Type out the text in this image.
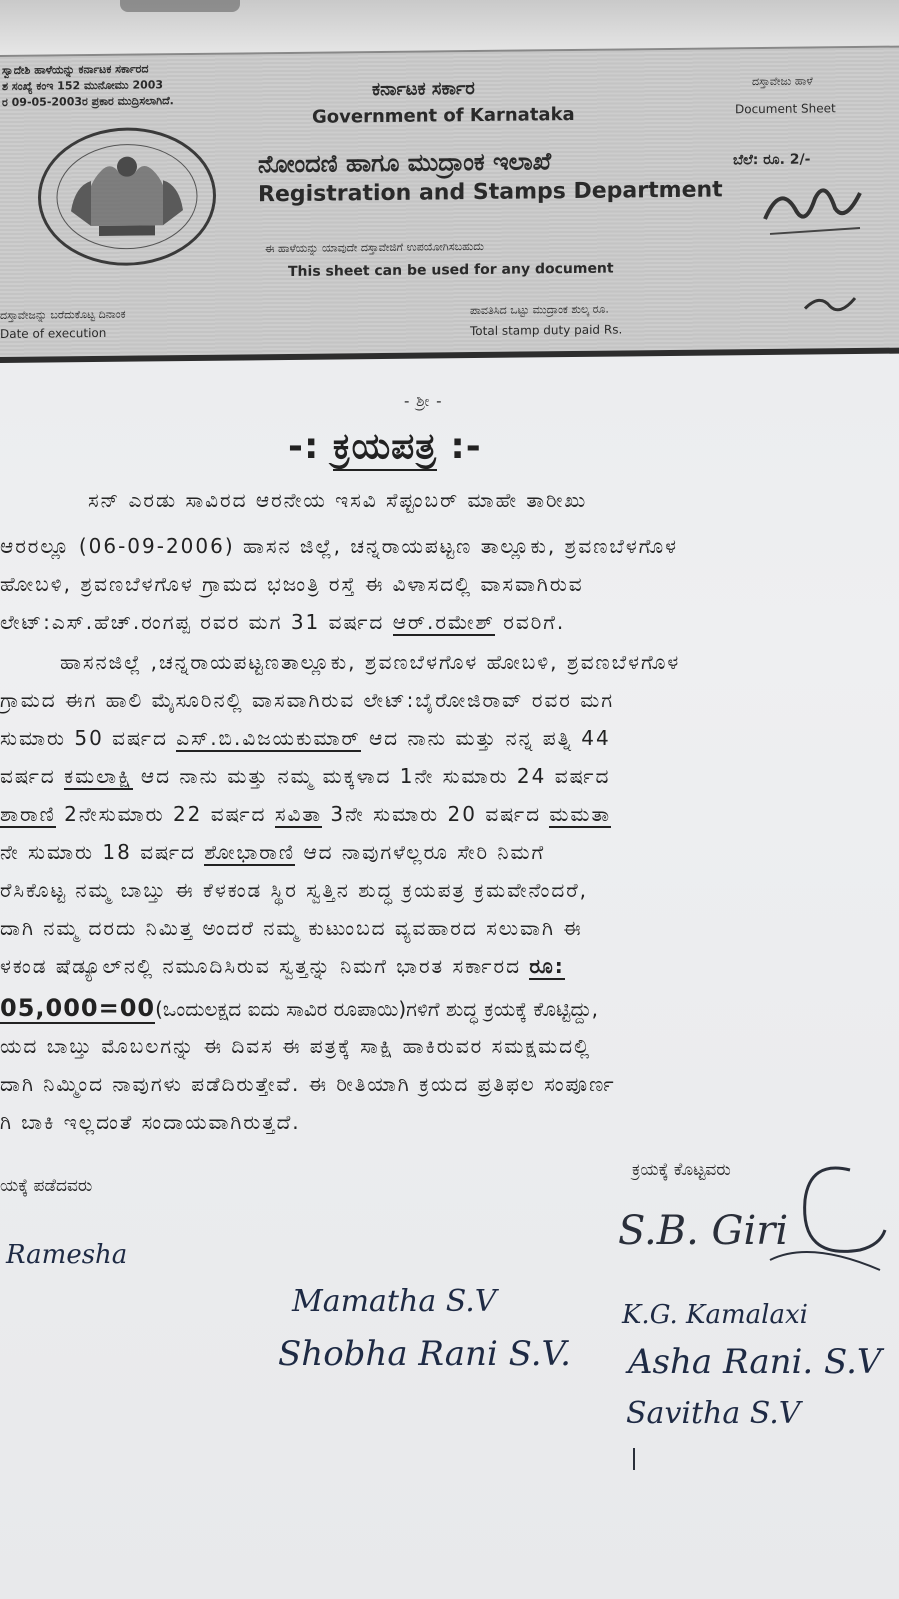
ಸ್ವಾದೇಶಿ ಹಾಳೆಯನ್ನು ಕರ್ನಾಟಕ ಸರ್ಕಾರದ
ಶ ಸಂಖ್ಯೆ ಕಂಇ 152 ಮುನೋಮು 2003
ರ 09-05-2003ರ ಪ್ರಕಾರ ಮುದ್ರಿಸಲಾಗಿದೆ.
ಕರ್ನಾಟಕ ಸರ್ಕಾರ
Government of Karnataka
ದಸ್ತಾವೇಜು ಹಾಳೆ
Document Sheet
ನೋಂದಣಿ ಹಾಗೂ ಮುದ್ರಾಂಕ ಇಲಾಖೆ
Registration and Stamps Department
ಬೆಲೆ: ರೂ. 2/-
ಈ ಹಾಳೆಯನ್ನು ಯಾವುದೇ ದಸ್ತಾವೇಜಿಗೆ ಉಪಯೋಗಿಸಬಹುದು
This sheet can be used for any document
ದಸ್ತಾವೇಜನ್ನು ಬರೆದುಕೊಟ್ಟ ದಿನಾಂಕ
Date of execution
ಪಾವತಿಸಿದ ಒಟ್ಟು ಮುದ್ರಾಂಕ ಶುಲ್ಕ ರೂ.
Total stamp duty paid Rs.
- ಶ್ರೀ -
-: ಕ್ರಯಪತ್ರ :-
ಸನ್ ಎರಡು ಸಾವಿರದ ಆರನೇಯ ಇಸವಿ ಸೆಪ್ಟಂಬರ್ ಮಾಹೇ ತಾರೀಖು
ಆರರಲ್ಲೂ (06-09-2006) ಹಾಸನ ಜಿಲ್ಲೆ, ಚನ್ನರಾಯಪಟ್ಟಣ ತಾಲ್ಲೂಕು, ಶ್ರವಣಬೆಳಗೊಳ
ಹೋಬಳಿ, ಶ್ರವಣಬೆಳಗೊಳ ಗ್ರಾಮದ ಭಜಂತ್ರಿ ರಸ್ತೆ ಈ ವಿಳಾಸದಲ್ಲಿ ವಾಸವಾಗಿರುವ
ಲೇಟ್:ಎಸ್.ಹೆಚ್.ರಂಗಪ್ಪ ರವರ ಮಗ 31 ವರ್ಷದ ಆರ್.ರಮೇಶ್ ರವರಿಗೆ.
ಹಾಸನಜಿಲ್ಲೆ ,ಚನ್ನರಾಯಪಟ್ಟಣತಾಲ್ಲೂಕು, ಶ್ರವಣಬೆಳಗೊಳ ಹೋಬಳಿ, ಶ್ರವಣಬೆಳಗೊಳ
ಗ್ರಾಮದ ಈಗ ಹಾಲಿ ಮೈಸೂರಿನಲ್ಲಿ ವಾಸವಾಗಿರುವ ಲೇಟ್:ಬೈರೋಜಿರಾವ್ ರವರ ಮಗ
ಸುಮಾರು 50 ವರ್ಷದ ಎಸ್.ಬಿ.ವಿಜಯಕುಮಾರ್ ಆದ ನಾನು ಮತ್ತು ನನ್ನ ಪತ್ನಿ 44
ವರ್ಷದ ಕಮಲಾಕ್ಷಿ ಆದ ನಾನು ಮತ್ತು ನಮ್ಮ ಮಕ್ಕಳಾದ 1ನೇ ಸುಮಾರು 24 ವರ್ಷದ
ಶಾರಾಣಿ 2ನೇಸುಮಾರು 22 ವರ್ಷದ ಸವಿತಾ 3ನೇ ಸುಮಾರು 20 ವರ್ಷದ ಮಮತಾ
ನೇ ಸುಮಾರು 18 ವರ್ಷದ ಶೋಭಾರಾಣಿ ಆದ ನಾವುಗಳೆಲ್ಲರೂ ಸೇರಿ ನಿಮಗೆ
ರೆಸಿಕೊಟ್ಟ ನಮ್ಮ ಬಾಬ್ತು ಈ ಕೆಳಕಂಡ ಸ್ಥಿರ ಸ್ವತ್ತಿನ ಶುದ್ಧ ಕ್ರಯಪತ್ರ ಕ್ರಮವೇನೆಂದರೆ,
ದಾಗಿ ನಮ್ಮ ದರದು ನಿಮಿತ್ತ ಅಂದರೆ ನಮ್ಮ ಕುಟುಂಬದ ವ್ಯವಹಾರದ ಸಲುವಾಗಿ ಈ
ಳಕಂಡ ಷೆಡ್ಯೂಲ್‌ನಲ್ಲಿ ನಮೂದಿಸಿರುವ ಸ್ವತ್ತನ್ನು ನಿಮಗೆ ಭಾರತ ಸರ್ಕಾರದ ರೂ:
05,000=00(ಒಂದುಲಕ್ಷದ ಐದು ಸಾವಿರ ರೂಪಾಯಿ)ಗಳಿಗೆ ಶುದ್ಧ ಕ್ರಯಕ್ಕೆ ಕೊಟ್ಟಿದ್ದು,
ಯದ ಬಾಬ್ತು ಮೊಬಲಗನ್ನು ಈ ದಿವಸ ಈ ಪತ್ರಕ್ಕೆ ಸಾಕ್ಷಿ ಹಾಕಿರುವರ ಸಮಕ್ಷಮದಲ್ಲಿ
ದಾಗಿ ನಿಮ್ಮಿಂದ ನಾವುಗಳು ಪಡೆದಿರುತ್ತೇವೆ. ಈ ರೀತಿಯಾಗಿ ಕ್ರಯದ ಪ್ರತಿಫಲ ಸಂಪೂರ್ಣ
ಗಿ ಬಾಕಿ ಇಲ್ಲದಂತೆ ಸಂದಾಯವಾಗಿರುತ್ತದೆ.
ಯಕ್ಕೆ ಪಡೆದವರು
ಕ್ರಯಕ್ಕೆ ಕೊಟ್ಟವರು
Ramesha
S.B. Giri
Mamatha S.V
Shobha Rani S.V.
K.G. Kamalaxi
Asha Rani. S.V
Savitha S.V
